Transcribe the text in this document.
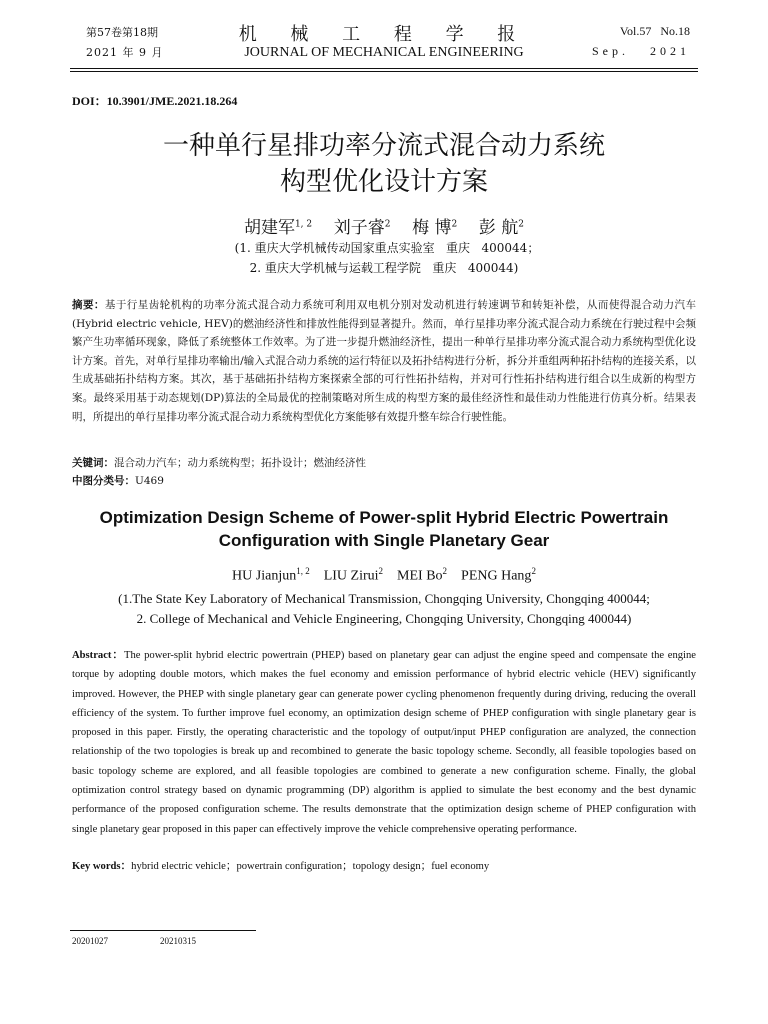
第57卷第18期
2021 年 9 月
机 械 工 程 学 报
JOURNAL OF MECHANICAL ENGINEERING
Vol.57   No.18
Sep.   2021
DOI：10.3901/JME.2021.18.264
一种单行星排功率分流式混合动力系统
构型优化设计方案
胡建军$^{1, 2}$ 刘子睿$^2$ 梅 博$^2$ 彭 航$^2$
(1. 重庆大学机械传动国家重点实验室   重庆   400044；
2. 重庆大学机械与运载工程学院   重庆   400044)
摘要：基于行星齿轮机构的功率分流式混合动力系统可利用双电机分别对发动机进行转速调节和转矩补偿，从而使得混合动力汽车(Hybrid electric vehicle, HEV)的燃油经济性和排放性能得到显著提升。然而，单行星排功率分流式混合动力系统在行驶过程中会频繁产生功率循环现象，降低了系统整体工作效率。为了进一步提升燃油经济性，提出一种单行星排功率分流式混合动力系统构型优化设计方案。首先，对单行星排功率输出/输入式混合动力系统的运行特征以及拓扑结构进行分析，拆分并重组两种拓扑结构的连接关系，以生成基础拓扑结构方案。其次，基于基础拓扑结构方案探索全部的可行性拓扑结构，并对可行性拓扑结构进行组合以生成新的构型方案。最终采用基于动态规划(DP)算法的全局最优的控制策略对所生成的构型方案的最佳经济性和最佳动力性能进行仿真分析。结果表明，所提出的单行星排功率分流式混合动力系统构型优化方案能够有效提升整车综合行驶性能。
关键词：混合动力汽车；动力系统构型；拓扑设计；燃油经济性
中图分类号：U469
Optimization Design Scheme of Power-split Hybrid Electric Powertrain
Configuration with Single Planetary Gear
HU Jianjun$^{1, 2}$ LIU Zirui$^2$ MEI Bo$^2$ PENG Hang$^2$
(1.The State Key Laboratory of Mechanical Transmission, Chongqing University, Chongqing 400044;
2. College of Mechanical and Vehicle Engineering, Chongqing University, Chongqing 400044)
Abstract：The power-split hybrid electric powertrain (PHEP) based on planetary gear can adjust the engine speed and compensate the engine torque by adopting double motors, which makes the fuel economy and emission performance of hybrid electric vehicle (HEV) significantly improved. However, the PHEP with single planetary gear can generate power cycling phenomenon frequently during driving, reducing the overall efficiency of the system. To further improve fuel economy, an optimization design scheme of PHEP configuration with single planetary gear is proposed in this paper. Firstly, the operating characteristic and the topology of output/input PHEP configuration are analyzed, the connection relationship of the two topologies is break up and recombined to generate the basic topology scheme. Secondly, all feasible topologies based on basic topology scheme are explored, and all feasible topologies are combined to generate a new configuration scheme. Finally, the global optimization control strategy based on dynamic programming (DP) algorithm is applied to simulate the best economy and the best dynamic performance of the proposed configuration scheme. The results demonstrate that the optimization design scheme of PHEP configuration with single planetary gear proposed in this paper can effectively improve the vehicle comprehensive operating performance.
Key words：hybrid electric vehicle；powertrain configuration；topology design；fuel economy
20201027	20210315
